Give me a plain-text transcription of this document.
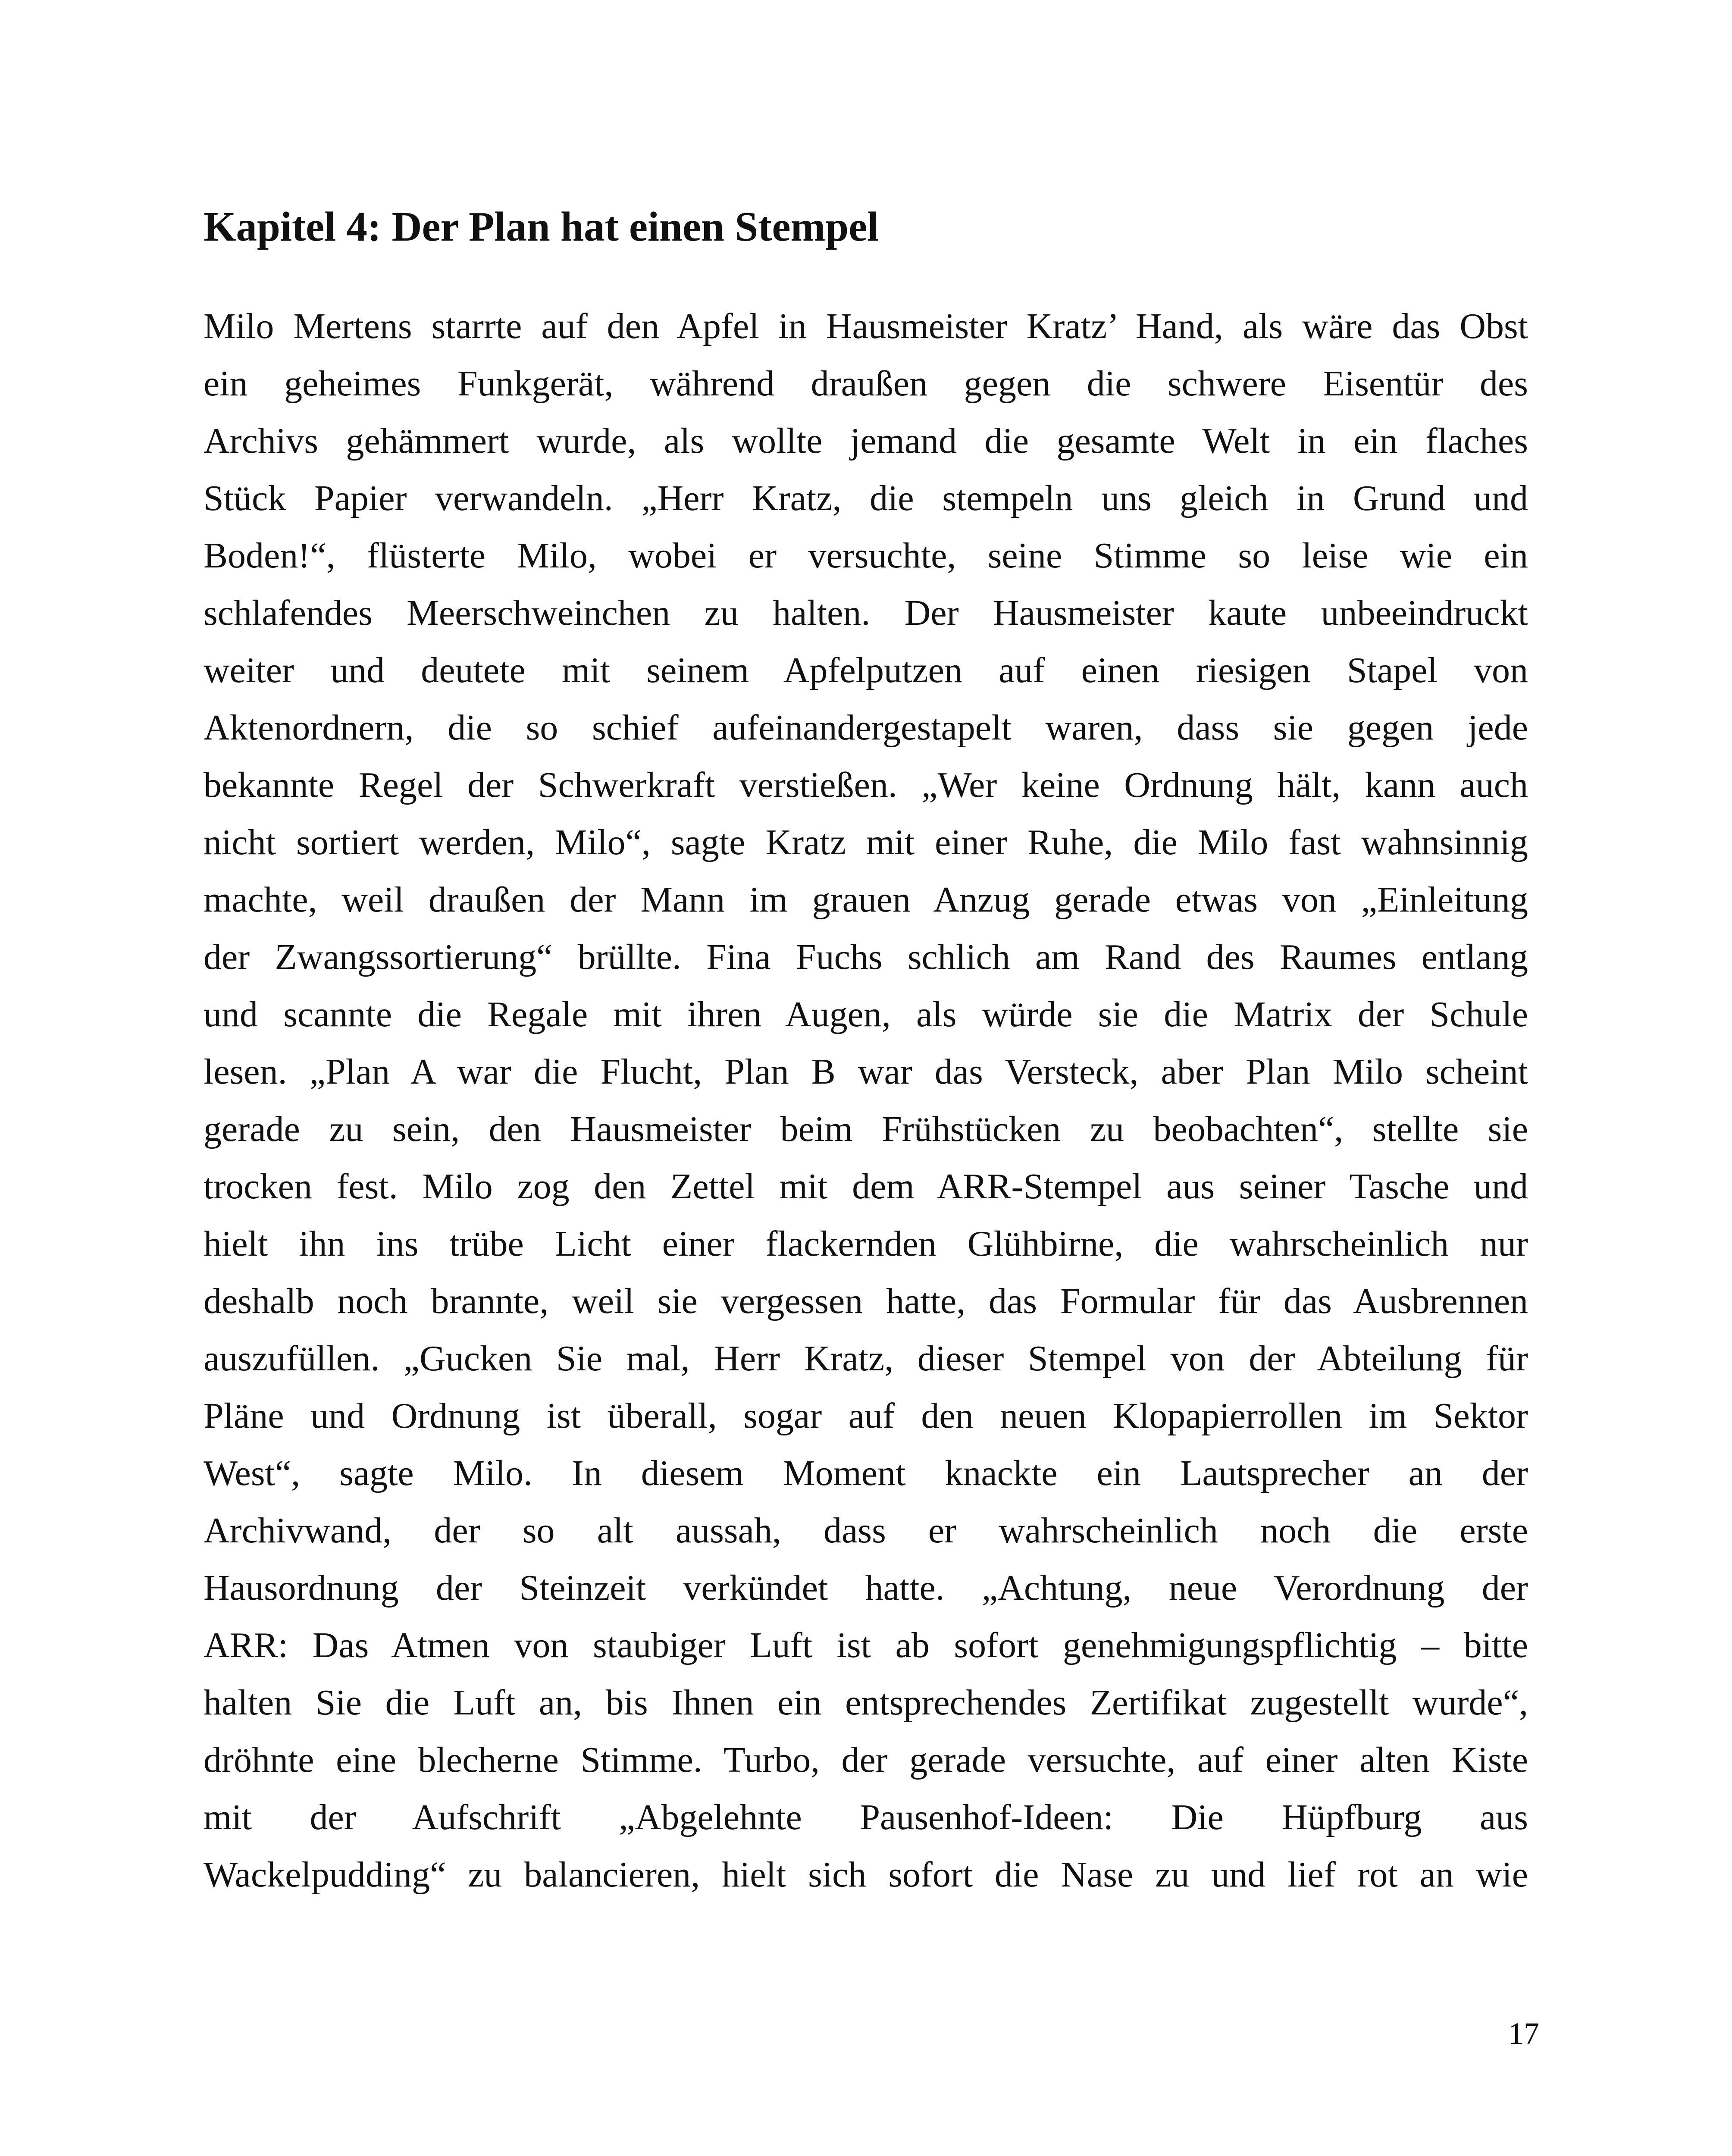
Kapitel 4: Der Plan hat einen Stempel
Milo Mertens starrte auf den Apfel in Hausmeister Kratz’ Hand, als wäre das Obst
ein geheimes Funkgerät, während draußen gegen die schwere Eisentür des
Archivs gehämmert wurde, als wollte jemand die gesamte Welt in ein flaches
Stück Papier verwandeln. „Herr Kratz, die stempeln uns gleich in Grund und
Boden!“, flüsterte Milo, wobei er versuchte, seine Stimme so leise wie ein
schlafendes Meerschweinchen zu halten. Der Hausmeister kaute unbeeindruckt
weiter und deutete mit seinem Apfelputzen auf einen riesigen Stapel von
Aktenordnern, die so schief aufeinandergestapelt waren, dass sie gegen jede
bekannte Regel der Schwerkraft verstießen. „Wer keine Ordnung hält, kann auch
nicht sortiert werden, Milo“, sagte Kratz mit einer Ruhe, die Milo fast wahnsinnig
machte, weil draußen der Mann im grauen Anzug gerade etwas von „Einleitung
der Zwangssortierung“ brüllte. Fina Fuchs schlich am Rand des Raumes entlang
und scannte die Regale mit ihren Augen, als würde sie die Matrix der Schule
lesen. „Plan A war die Flucht, Plan B war das Versteck, aber Plan Milo scheint
gerade zu sein, den Hausmeister beim Frühstücken zu beobachten“, stellte sie
trocken fest. Milo zog den Zettel mit dem ARR-Stempel aus seiner Tasche und
hielt ihn ins trübe Licht einer flackernden Glühbirne, die wahrscheinlich nur
deshalb noch brannte, weil sie vergessen hatte, das Formular für das Ausbrennen
auszufüllen. „Gucken Sie mal, Herr Kratz, dieser Stempel von der Abteilung für
Pläne und Ordnung ist überall, sogar auf den neuen Klopapierrollen im Sektor
West“, sagte Milo. In diesem Moment knackte ein Lautsprecher an der
Archivwand, der so alt aussah, dass er wahrscheinlich noch die erste
Hausordnung der Steinzeit verkündet hatte. „Achtung, neue Verordnung der
ARR: Das Atmen von staubiger Luft ist ab sofort genehmigungspflichtig – bitte
halten Sie die Luft an, bis Ihnen ein entsprechendes Zertifikat zugestellt wurde“,
dröhnte eine blecherne Stimme. Turbo, der gerade versuchte, auf einer alten Kiste
mit der Aufschrift „Abgelehnte Pausenhof-Ideen: Die Hüpfburg aus
Wackelpudding“ zu balancieren, hielt sich sofort die Nase zu und lief rot an wie
17
